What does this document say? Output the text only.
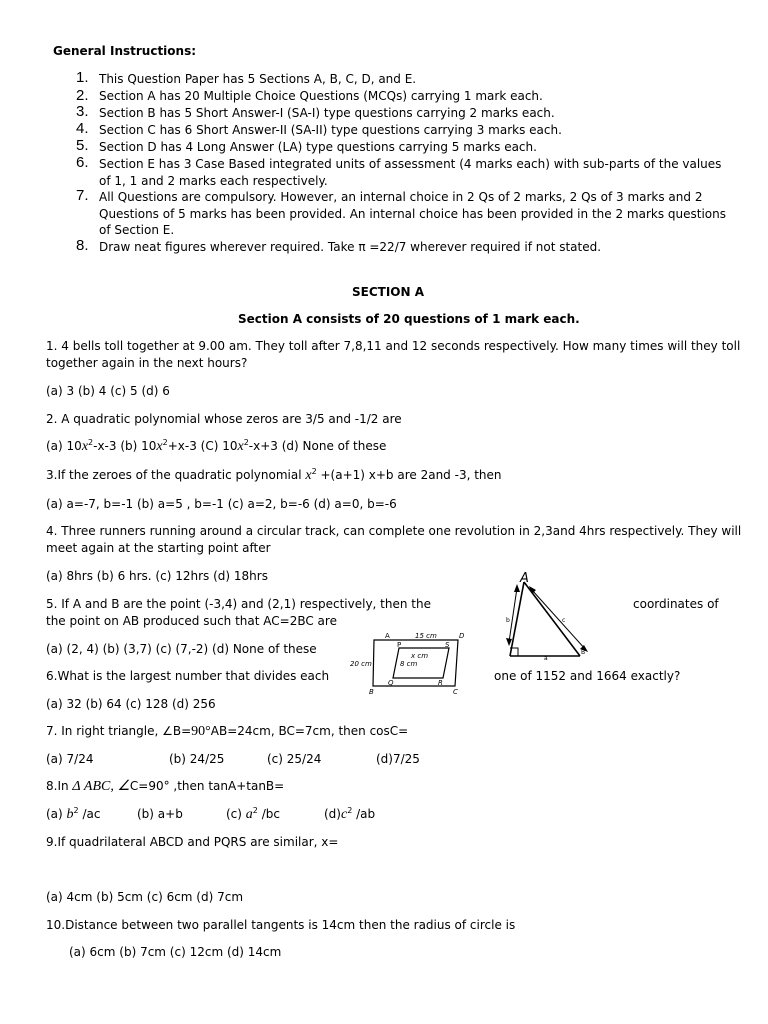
General Instructions:
1. This Question Paper has 5 Sections A, B, C, D, and E.
2. Section A has 20 Multiple Choice Questions (MCQs) carrying 1 mark each.
3. Section B has 5 Short Answer-I (SA-I) type questions carrying 2 marks each.
4. Section C has 6 Short Answer-II (SA-II) type questions carrying 3 marks each.
5. Section D has 4 Long Answer (LA) type questions carrying 5 marks each.
6. Section E has 3 Case Based integrated units of assessment (4 marks each) with sub-parts of the values
of 1, 1 and 2 marks each respectively.
7. All Questions are compulsory. However, an internal choice in 2 Qs of 2 marks, 2 Qs of 3 marks and 2
Questions of 5 marks has been provided. An internal choice has been provided in the 2 marks questions
of Section E.
8. Draw neat figures wherever required. Take π =22/7 wherever required if not stated.
SECTION A
Section A consists of 20 questions of 1 mark each.
1. 4 bells toll together at 9.00 am. They toll after 7,8,11 and 12 seconds respectively. How many times will they toll
together again in the next hours?
(a) 3 (b) 4 (c) 5 (d) 6
2. A quadratic polynomial whose zeros are 3/5 and -1/2 are
(a) $10x^2-x-3$ (b) $10x^2+x-3$ (C) $10x^2-x+3$ (d) None of these
3.If the zeroes of the quadratic polynomial $x^2 +(a+1)$ x+b are 2and -3, then
(a) a=-7, b=-1 (b) a=5 , b=-1 (c) a=2, b=-6 (d) a=0, b=-6
4. Three runners running around a circular track, can complete one revolution in 2,3and 4hrs respectively. They will
meet again at the starting point after
(a) 8hrs (b) 6 hrs. (c) 12hrs (d) 18hrs
5. If A and B are the point (-3,4) and (2,1) respectively, then the	coordinates of
the point on AB produced such that AC=2BC are
(a) (2, 4) (b) (3,7) (c) (7,-2) (d) None of these
6.What is the largest number that divides each	one of 1152 and 1664 exactly?
(a) 32 (b) 64 (c) 128 (d) 256
7. In right triangle, ∠B=90°AB=24cm, BC=7cm, then cosC=
(a) 7/24	(b) 24/25	(c) 25/24	(d)7/25
8.In Δ ABC, ∠C=90° ,then tanA+tanB=
(a) $b^2$ /ac	(b) a+b	(c) $a^2$ /bc	$(d)c^2$ /ab
9.If quadrilateral ABCD and PQRS are similar, x=
(a) 4cm (b) 5cm (c) 6cm (d) 7cm
10.Distance between two parallel tangents is 14cm then the radius of circle is
(a) 6cm (b) 7cm (c) 12cm (d) 14cm
A
b	c
a
B
A	15 cm	D
P	S
x cm
8 cm
20 cm
Q	R
B	C
